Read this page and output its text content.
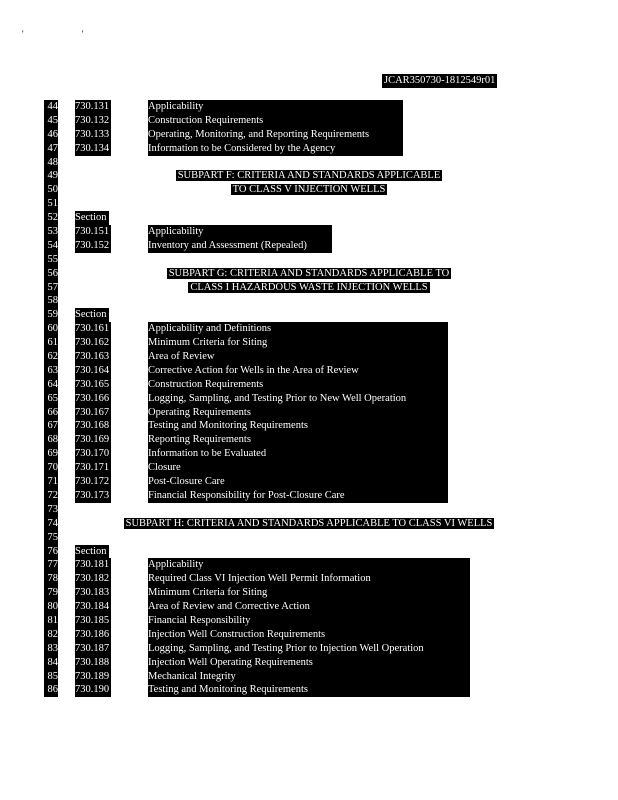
' '
JCAR350730-1812549r01
44 730.131	Applicability
45 730.132	Construction Requirements
46 730.133	Operating, Monitoring, and Reporting Requirements
47 730.134	Information to be Considered by the Agency
48
49	SUBPART F: CRITERIA AND STANDARDS APPLICABLE
50	TO CLASS V INJECTION WELLS
51
52 Section
53 730.151	Applicability
54 730.152	Inventory and Assessment (Repealed)
55
56	SUBPART G: CRITERIA AND STANDARDS APPLICABLE TO
57	CLASS I HAZARDOUS WASTE INJECTION WELLS
58
59 Section
60 730.161	Applicability and Definitions
61 730.162	Minimum Criteria for Siting
62 730.163	Area of Review
63 730.164	Corrective Action for Wells in the Area of Review
64 730.165	Construction Requirements
65 730.166	Logging, Sampling, and Testing Prior to New Well Operation
66 730.167	Operating Requirements
67 730.168	Testing and Monitoring Requirements
68 730.169	Reporting Requirements
69 730.170	Information to be Evaluated
70 730.171	Closure
71 730.172	Post-Closure Care
72 730.173	Financial Responsibility for Post-Closure Care
73
74	SUBPART H: CRITERIA AND STANDARDS APPLICABLE TO CLASS VI WELLS
75
76 Section
77 730.181	Applicability
78 730.182	Required Class VI Injection Well Permit Information
79 730.183	Minimum Criteria for Siting
80 730.184	Area of Review and Corrective Action
81 730.185	Financial Responsibility
82 730.186	Injection Well Construction Requirements
83 730.187	Logging, Sampling, and Testing Prior to Injection Well Operation
84 730.188	Injection Well Operating Requirements
85 730.189	Mechanical Integrity
86 730.190	Testing and Monitoring Requirements
